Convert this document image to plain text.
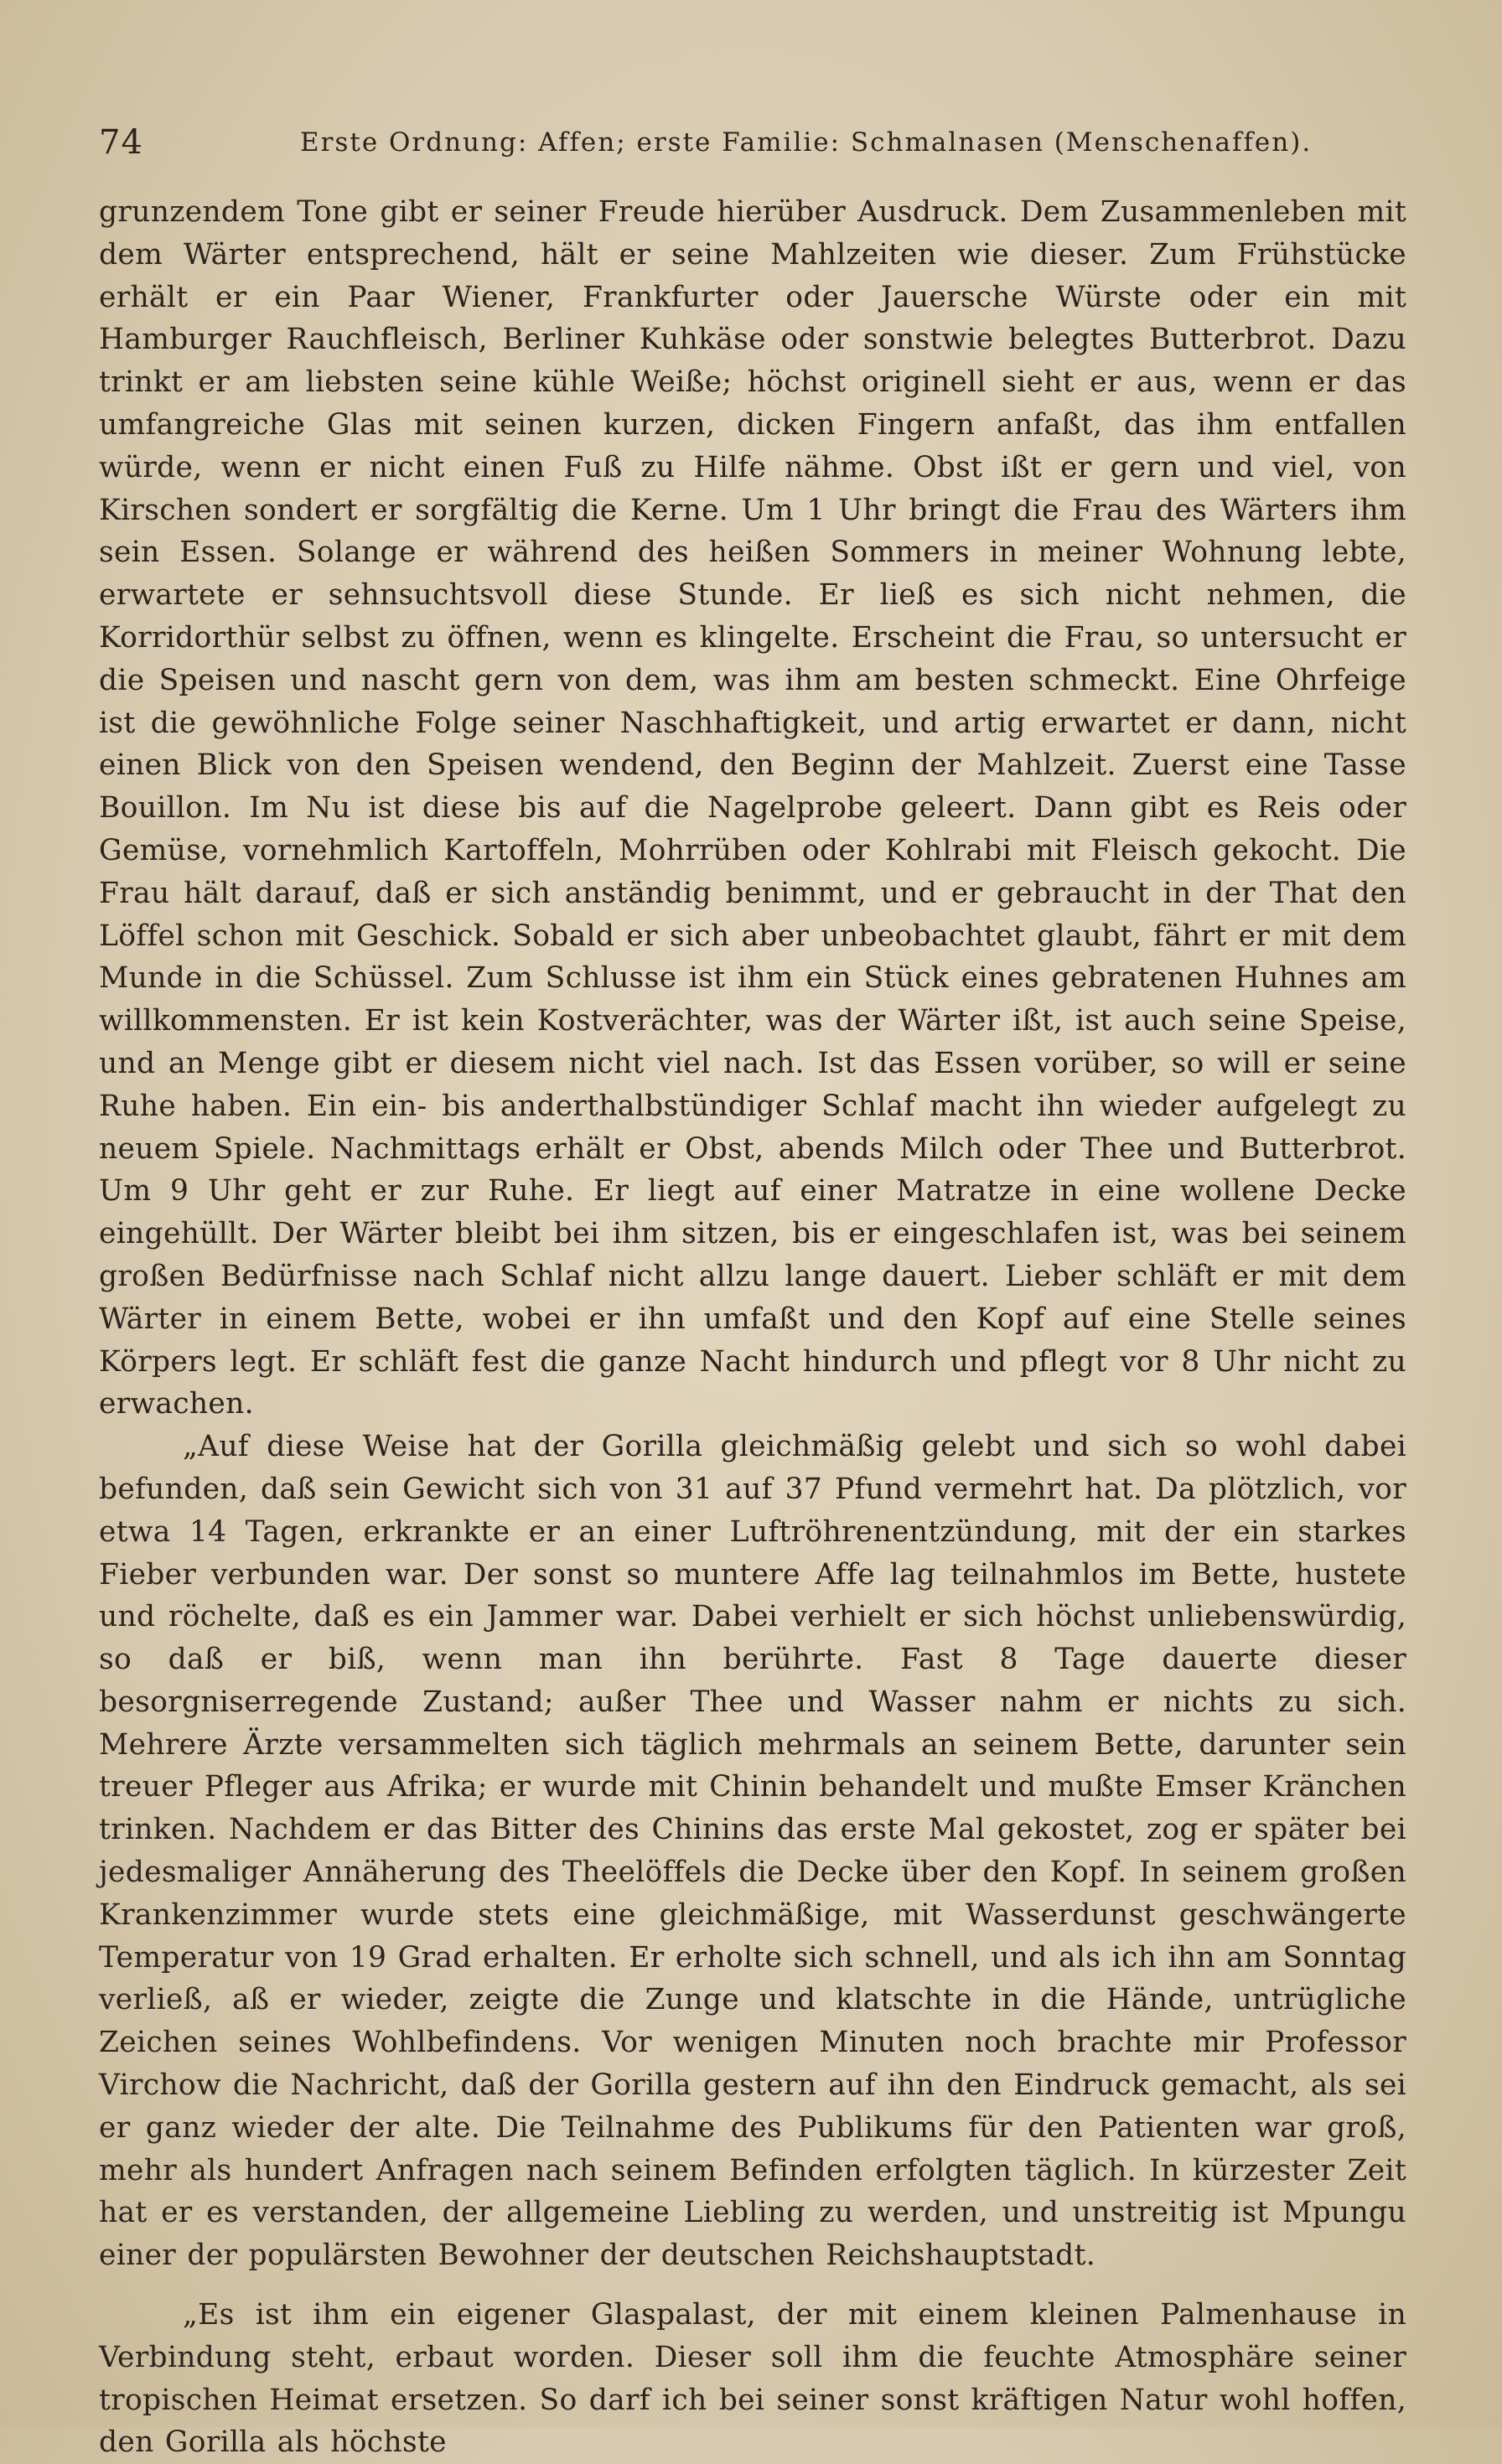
74	Erste Ordnung: Affen; erste Familie: Schmalnasen (Menschenaffen).

grunzendem Tone gibt er seiner Freude hierüber Ausdruck. Dem Zusammenleben mit dem Wärter entsprechend, hält er seine Mahlzeiten wie dieser. Zum Frühstücke erhält er ein Paar Wiener, Frankfurter oder Jauersche Würste oder ein mit Hamburger Rauchfleisch, Berliner Kuhkäse oder sonstwie belegtes Butterbrot. Dazu trinkt er am liebsten seine kühle Weiße; höchst originell sieht er aus, wenn er das umfangreiche Glas mit seinen kurzen, dicken Fingern anfaßt, das ihm entfallen würde, wenn er nicht einen Fuß zu Hilfe nähme. Obst ißt er gern und viel, von Kirschen sondert er sorgfältig die Kerne. Um 1 Uhr bringt die Frau des Wärters ihm sein Essen. Solange er während des heißen Sommers in meiner Wohnung lebte, erwartete er sehnsuchtsvoll diese Stunde. Er ließ es sich nicht nehmen, die Korridorthür selbst zu öffnen, wenn es klingelte. Erscheint die Frau, so untersucht er die Speisen und nascht gern von dem, was ihm am besten schmeckt. Eine Ohrfeige ist die gewöhnliche Folge seiner Naschhaftigkeit, und artig erwartet er dann, nicht einen Blick von den Speisen wendend, den Beginn der Mahlzeit. Zuerst eine Tasse Bouillon. Im Nu ist diese bis auf die Nagelprobe geleert. Dann gibt es Reis oder Gemüse, vornehmlich Kartoffeln, Mohrrüben oder Kohlrabi mit Fleisch gekocht. Die Frau hält darauf, daß er sich anständig benimmt, und er gebraucht in der That den Löffel schon mit Geschick. Sobald er sich aber unbeobachtet glaubt, fährt er mit dem Munde in die Schüssel. Zum Schlusse ist ihm ein Stück eines gebratenen Huhnes am willkommensten. Er ist kein Kostverächter, was der Wärter ißt, ist auch seine Speise, und an Menge gibt er diesem nicht viel nach. Ist das Essen vorüber, so will er seine Ruhe haben. Ein ein- bis anderthalbstündiger Schlaf macht ihn wieder aufgelegt zu neuem Spiele. Nachmittags erhält er Obst, abends Milch oder Thee und Butterbrot. Um 9 Uhr geht er zur Ruhe. Er liegt auf einer Matratze in eine wollene Decke eingehüllt. Der Wärter bleibt bei ihm sitzen, bis er eingeschlafen ist, was bei seinem großen Bedürfnisse nach Schlaf nicht allzu lange dauert. Lieber schläft er mit dem Wärter in einem Bette, wobei er ihn umfaßt und den Kopf auf eine Stelle seines Körpers legt. Er schläft fest die ganze Nacht hindurch und pflegt vor 8 Uhr nicht zu erwachen.

„Auf diese Weise hat der Gorilla gleichmäßig gelebt und sich so wohl dabei befunden, daß sein Gewicht sich von 31 auf 37 Pfund vermehrt hat. Da plötzlich, vor etwa 14 Tagen, erkrankte er an einer Luftröhrenentzündung, mit der ein starkes Fieber verbunden war. Der sonst so muntere Affe lag teilnahmlos im Bette, hustete und röchelte, daß es ein Jammer war. Dabei verhielt er sich höchst unliebenswürdig, so daß er biß, wenn man ihn berührte. Fast 8 Tage dauerte dieser besorgniserregende Zustand; außer Thee und Wasser nahm er nichts zu sich. Mehrere Ärzte versammelten sich täglich mehrmals an seinem Bette, darunter sein treuer Pfleger aus Afrika; er wurde mit Chinin behandelt und mußte Emser Kränchen trinken. Nachdem er das Bitter des Chinins das erste Mal gekostet, zog er später bei jedesmaliger Annäherung des Theelöffels die Decke über den Kopf. In seinem großen Krankenzimmer wurde stets eine gleichmäßige, mit Wasserdunst geschwängerte Temperatur von 19 Grad erhalten. Er erholte sich schnell, und als ich ihn am Sonntag verließ, aß er wieder, zeigte die Zunge und klatschte in die Hände, untrügliche Zeichen seines Wohlbefindens. Vor wenigen Minuten noch brachte mir Professor Virchow die Nachricht, daß der Gorilla gestern auf ihn den Eindruck gemacht, als sei er ganz wieder der alte. Die Teilnahme des Publikums für den Patienten war groß, mehr als hundert Anfragen nach seinem Befinden erfolgten täglich. In kürzester Zeit hat er es verstanden, der allgemeine Liebling zu werden, und unstreitig ist Mpungu einer der populärsten Bewohner der deutschen Reichshauptstadt.

„Es ist ihm ein eigener Glaspalast, der mit einem kleinen Palmenhause in Verbindung steht, erbaut worden. Dieser soll ihm die feuchte Atmosphäre seiner tropischen Heimat ersetzen. So darf ich bei seiner sonst kräftigen Natur wohl hoffen, den Gorilla als höchste
